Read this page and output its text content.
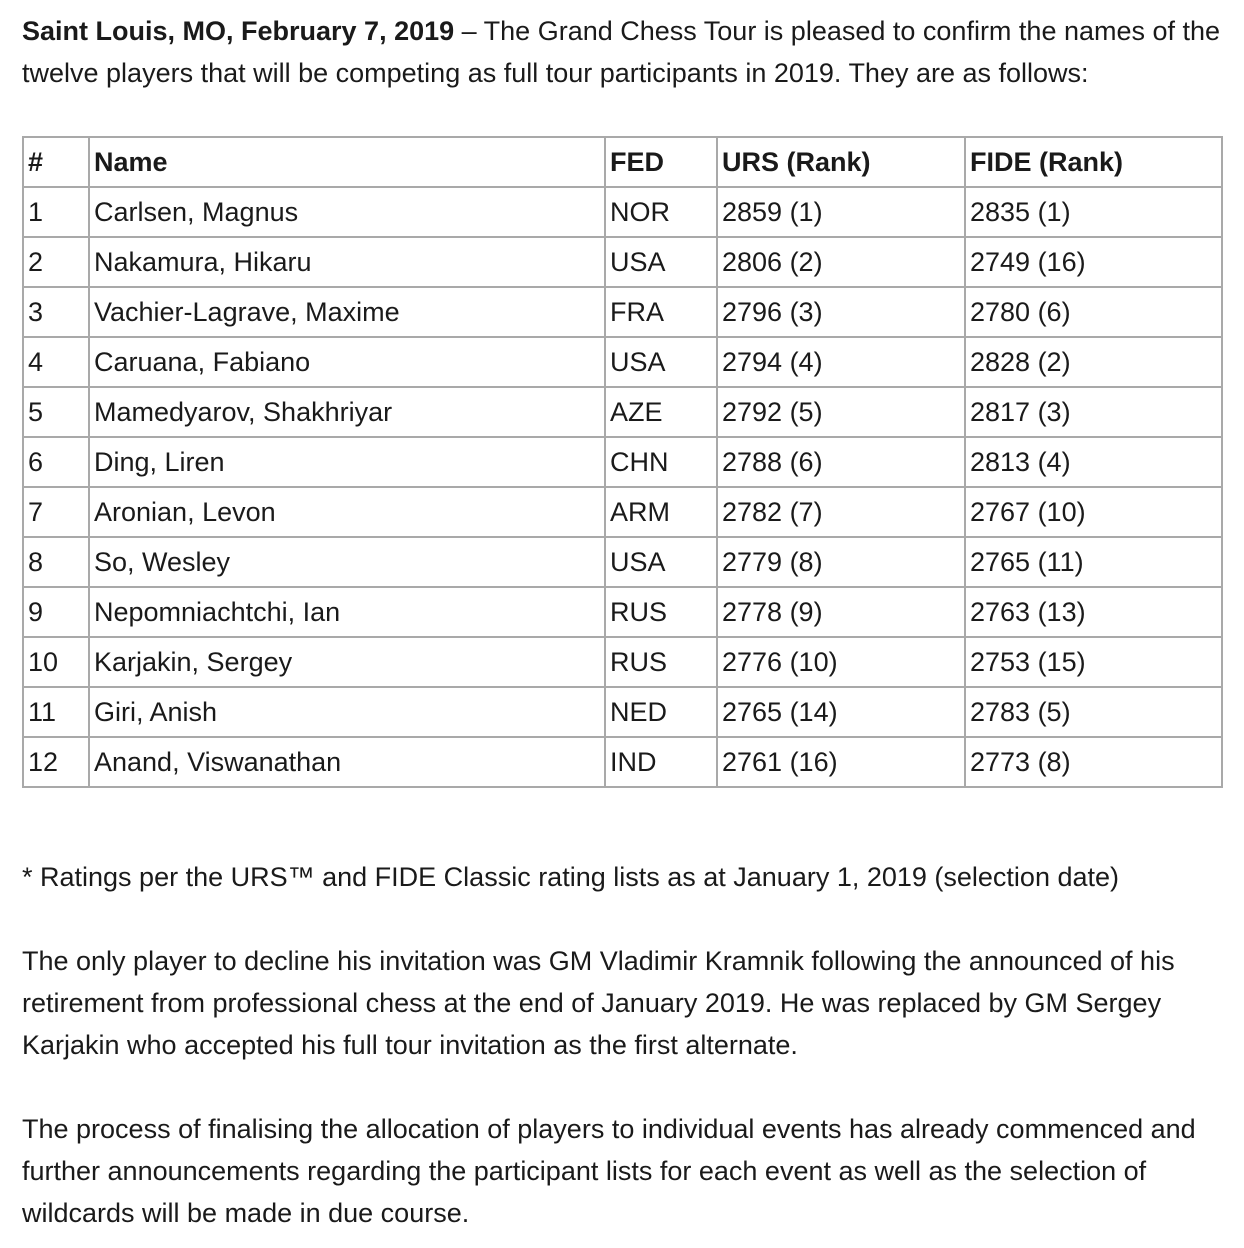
Saint Louis, MO, February 7, 2019 – The Grand Chess Tour is pleased to confirm the names of the twelve players that will be competing as full tour participants in 2019. They are as follows:

#	Name	FED	URS (Rank)	FIDE (Rank)
1	Carlsen, Magnus	NOR	2859 (1)	2835 (1)
2	Nakamura, Hikaru	USA	2806 (2)	2749 (16)
3	Vachier-Lagrave, Maxime	FRA	2796 (3)	2780 (6)
4	Caruana, Fabiano	USA	2794 (4)	2828 (2)
5	Mamedyarov, Shakhriyar	AZE	2792 (5)	2817 (3)
6	Ding, Liren	CHN	2788 (6)	2813 (4)
7	Aronian, Levon	ARM	2782 (7)	2767 (10)
8	So, Wesley	USA	2779 (8)	2765 (11)
9	Nepomniachtchi, Ian	RUS	2778 (9)	2763 (13)
10	Karjakin, Sergey	RUS	2776 (10)	2753 (15)
11	Giri, Anish	NED	2765 (14)	2783 (5)
12	Anand, Viswanathan	IND	2761 (16)	2773 (8)

* Ratings per the URS™ and FIDE Classic rating lists as at January 1, 2019 (selection date)

The only player to decline his invitation was GM Vladimir Kramnik following the announced of his retirement from professional chess at the end of January 2019. He was replaced by GM Sergey Karjakin who accepted his full tour invitation as the first alternate.

The process of finalising the allocation of players to individual events has already commenced and further announcements regarding the participant lists for each event as well as the selection of wildcards will be made in due course.
